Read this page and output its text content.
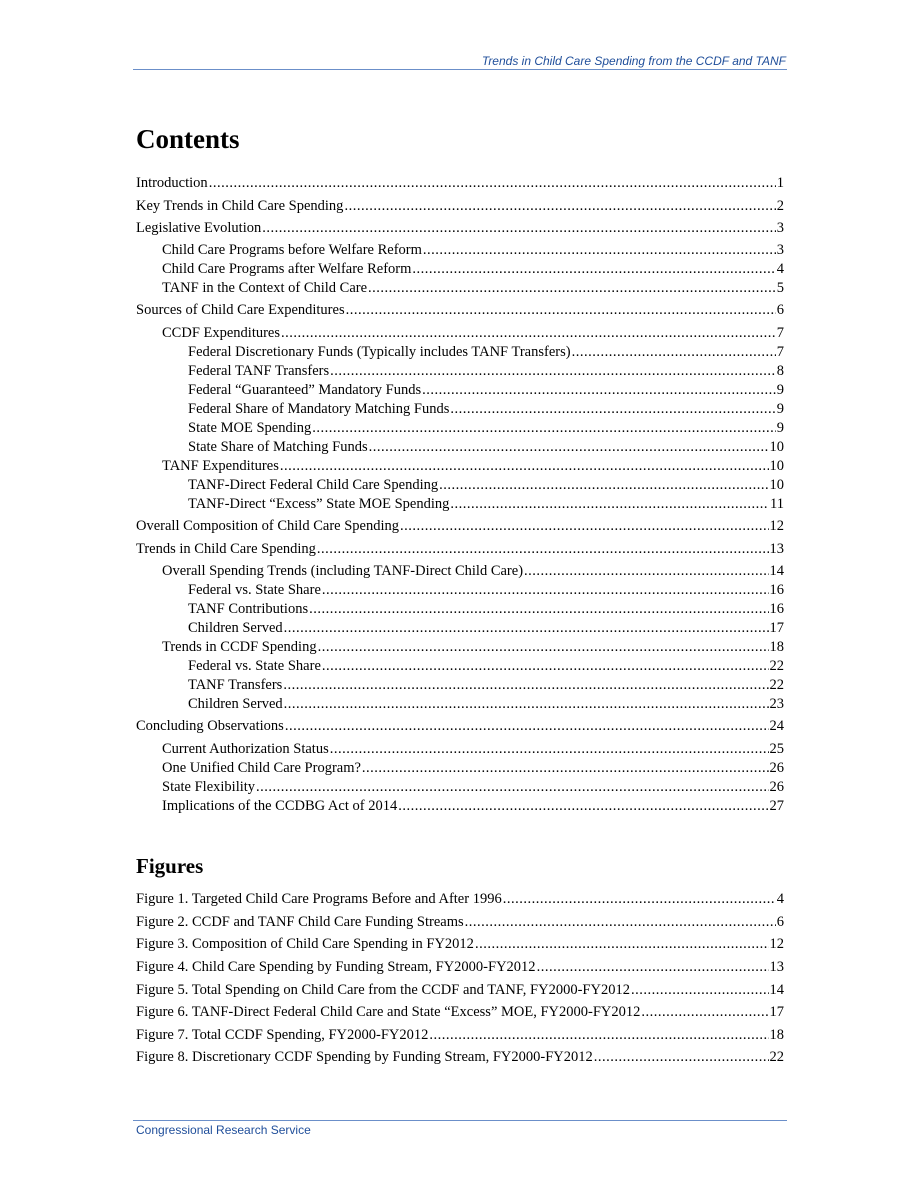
Trends in Child Care Spending from the CCDF and TANF
Contents
Introduction .....	1
Key Trends in Child Care Spending .....	2
Legislative Evolution .....	3
Child Care Programs before Welfare Reform .....	3
Child Care Programs after Welfare Reform .....	4
TANF in the Context of Child Care .....	5
Sources of Child Care Expenditures .....	6
CCDF Expenditures .....	7
Federal Discretionary Funds (Typically includes TANF Transfers) .....	7
Federal TANF Transfers .....	8
Federal “Guaranteed” Mandatory Funds .....	9
Federal Share of Mandatory Matching Funds .....	9
State MOE Spending .....	9
State Share of Matching Funds .....	10
TANF Expenditures .....	10
TANF-Direct Federal Child Care Spending .....	10
TANF-Direct “Excess” State MOE Spending .....	11
Overall Composition of Child Care Spending .....	12
Trends in Child Care Spending .....	13
Overall Spending Trends (including TANF-Direct Child Care) .....	14
Federal vs. State Share .....	16
TANF Contributions .....	16
Children Served .....	17
Trends in CCDF Spending .....	18
Federal vs. State Share .....	22
TANF Transfers .....	22
Children Served .....	23
Concluding Observations .....	24
Current Authorization Status .....	25
One Unified Child Care Program? .....	26
State Flexibility .....	26
Implications of the CCDBG Act of 2014 .....	27
Figures
Figure 1. Targeted Child Care Programs Before and After 1996 .....	4
Figure 2. CCDF and TANF Child Care Funding Streams .....	6
Figure 3. Composition of Child Care Spending in FY2012 .....	12
Figure 4. Child Care Spending by Funding Stream, FY2000-FY2012 .....	13
Figure 5. Total Spending on Child Care from the CCDF and TANF, FY2000-FY2012 .....	14
Figure 6. TANF-Direct Federal Child Care and State “Excess” MOE, FY2000-FY2012 .....	17
Figure 7. Total CCDF Spending, FY2000-FY2012 .....	18
Figure 8. Discretionary CCDF Spending by Funding Stream, FY2000-FY2012 .....	22
Congressional Research Service
